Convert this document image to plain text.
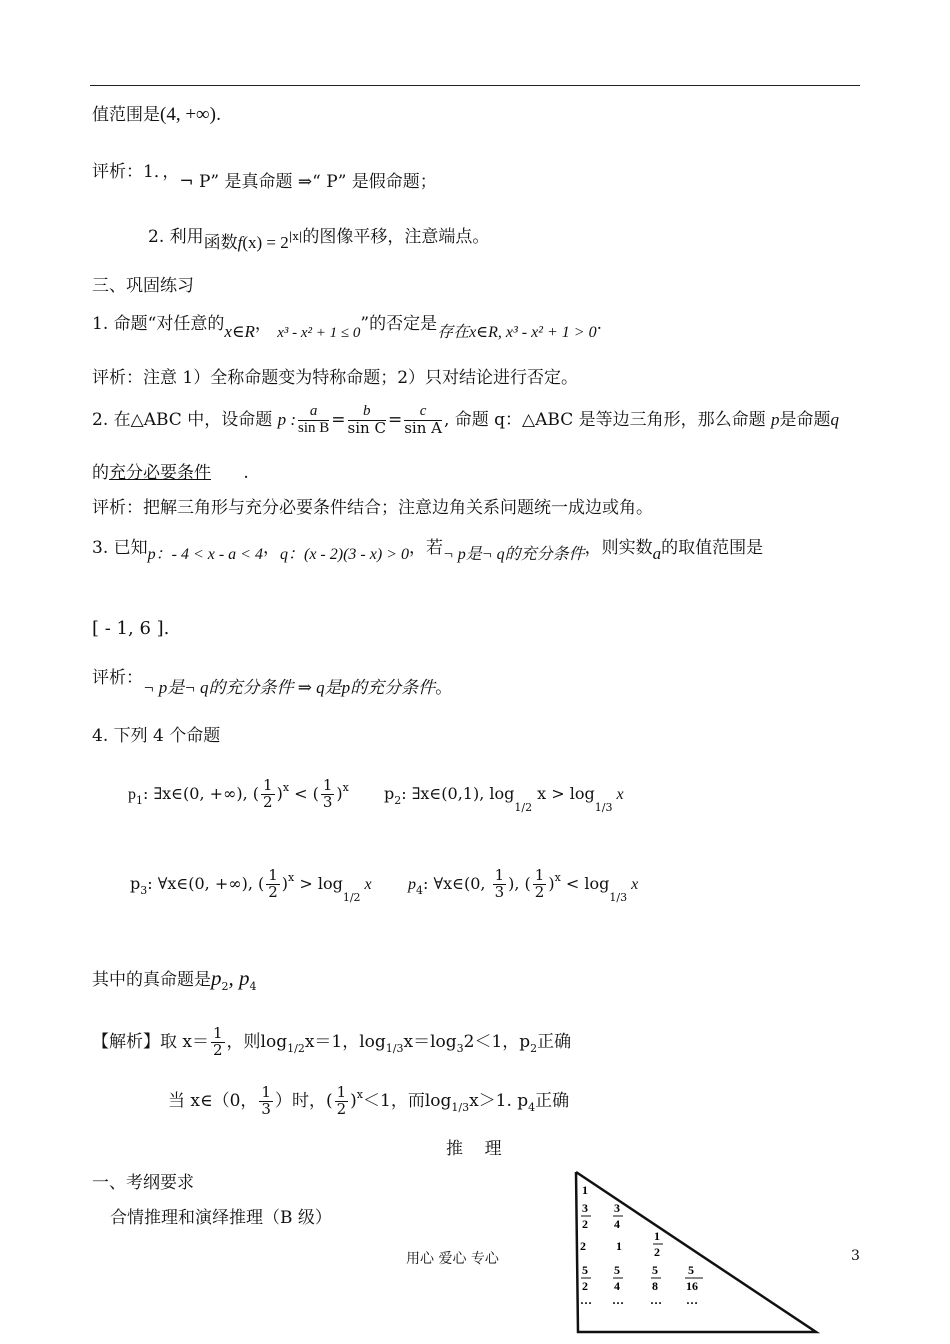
值范围是(4, +∞).
评析：1．，¬ P” 是真命题 ⇒“ P” 是假命题；
2. 利用函数$f(x) = 2^{|x|}$的图像平移，注意端点。
三、巩固练习
1. 命题“对任意的x∈R， x³ - x² + 1 ≤ 0”的否定是存在x∈R, x³ - x² + 1 > 0.
评析：注意 1）全称命题变为特称命题；2）只对结论进行否定。
2. 在△ABC 中，设命题 p : $\frac{a}{\text{sin B}} = \frac{b}{\text{sin C}} = \frac{c}{\text{sin A}}$ , 命题 q：△ABC 是等边三角形，那么命题 p是命题q
的充分必要条件      .
评析：把解三角形与充分必要条件结合；注意边角关系问题统一成边或角。
3. 已知p：- 4 < x - a < 4，q：(x - 2)(3 - x) > 0，若¬ p是¬ q的充分条件，则实数a的取值范围是
[ - 1, 6 ].
评析：¬ p是¬ q的充分条件 ⇒ q是p的充分条件。
4. 下列 4 个命题
$p_1$: ∃x∈(0, +∞), ( $\frac{1}{2} )^x$ < ( $\frac{1}{3} )^x$ $p_2$: ∃x∈(0,1), $\log_{1/2} x > \log_{1/3} x$
$p_3$: ∀x∈(0, +∞), ( $\frac{1}{2} )^x > \log_{1/2} x$ $p_4$: ∀x∈(0, $\frac{1}{3}$ ), ( $\frac{1}{2} )^x < \log_{1/3} x$
其中的真命题是$p_2$, $p_4$
【解析】取 $x= \frac{1}{2}$ ，则$\log_{1/2}x=1$，$\log_{1/3}x=\log_32<1$，$p_2$正确
当 x∈（0， $\frac{1}{3}$ ）时，( $\frac{1}{2} )^x<1$，而$\log_{1/3}x>1$. $p_4$正确
推    理
一、考纲要求
合情推理和演绎推理（B 级）
1
3
2
3
4
2	1
1
2
5
2
5
4
5
8
5
16
… … … …
用心 爱心 专心	3
